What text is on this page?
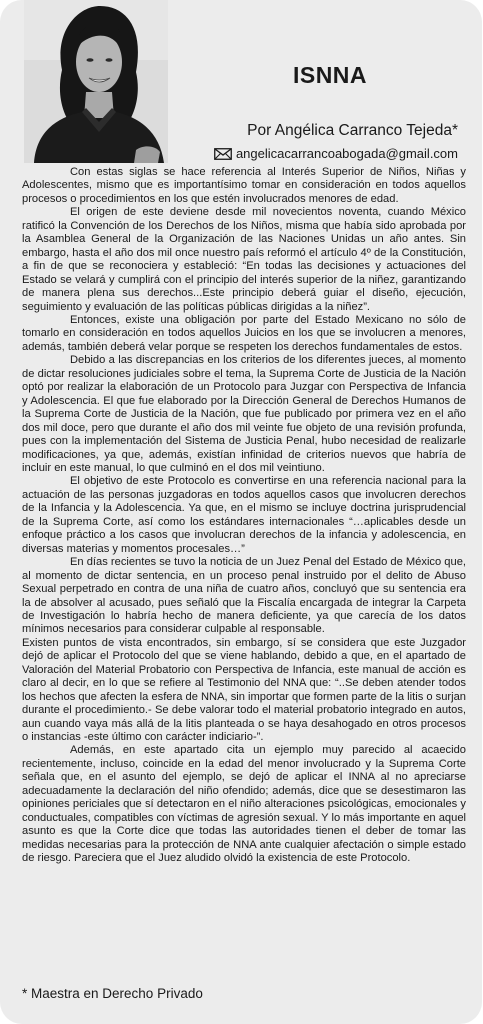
ISNNA
Por Angélica Carranco Tejeda*
angelicacarrancoabogada@gmail.com

Con estas siglas se hace referencia al Interés Superior de Niños, Niñas y Adolescentes, mismo que es importantísimo tomar en consideración en todos aquellos procesos o procedimientos en los que estén involucrados menores de edad.

El origen de este deviene desde mil novecientos noventa, cuando México ratificó la Convención de los Derechos de los Niños, misma que había sido aprobada por la Asamblea General de la Organización de las Naciones Unidas un año antes. Sin embargo, hasta el año dos mil once nuestro país reformó el artículo 4º de la Constitución, a fin de que se reconociera y estableció: “En todas las decisiones y actuaciones del Estado se velará y cumplirá con el principio del interés superior de la niñez, garantizando de manera plena sus derechos...Este principio deberá guiar el diseño, ejecución, seguimiento y evaluación de las políticas públicas dirigidas a la niñez”.

Entonces, existe una obligación por parte del Estado Mexicano no sólo de tomarlo en consideración en todos aquellos Juicios en los que se involucren a menores, además, también deberá velar porque se respeten los derechos fundamentales de estos.

Debido a las discrepancias en los criterios de los diferentes jueces, al momento de dictar resoluciones judiciales sobre el tema, la Suprema Corte de Justicia de la Nación optó por realizar la elaboración de un Protocolo para Juzgar con Perspectiva de Infancia y Adolescencia. El que fue elaborado por la Dirección General de Derechos Humanos de la Suprema Corte de Justicia de la Nación, que fue publicado por primera vez en el año dos mil doce, pero que durante el año dos mil veinte fue objeto de una revisión profunda, pues con la implementación del Sistema de Justicia Penal, hubo necesidad de realizarle modificaciones, ya que, además, existían infinidad de criterios nuevos que habría de incluir en este manual, lo que culminó en el dos mil veintiuno.

El objetivo de este Protocolo es convertirse en una referencia nacional para la actuación de las personas juzgadoras en todos aquellos casos que involucren derechos de la Infancia y la Adolescencia. Ya que, en el mismo se incluye doctrina jurisprudencial de la Suprema Corte, así como los estándares internacionales “…aplicables desde un enfoque práctico a los casos que involucran derechos de la infancia y adolescencia, en diversas materias y momentos procesales…”

En días recientes se tuvo la noticia de un Juez Penal del Estado de México que, al momento de dictar sentencia, en un proceso penal instruido por el delito de Abuso Sexual perpetrado en contra de una niña de cuatro años, concluyó que su sentencia era la de absolver al acusado, pues señaló que la Fiscalía encargada de integrar la Carpeta de Investigación lo habría hecho de manera deficiente, ya que carecía de los datos mínimos necesarios para considerar culpable al responsable.

Existen puntos de vista encontrados, sin embargo, sí se considera que este Juzgador dejó de aplicar el Protocolo del que se viene hablando, debido a que, en el apartado de Valoración del Material Probatorio con Perspectiva de Infancia, este manual de acción es claro al decir, en lo que se refiere al Testimonio del NNA que: “..Se deben atender todos los hechos que afecten la esfera de NNA, sin importar que formen parte de la litis o surjan durante el procedimiento.- Se debe valorar todo el material probatorio integrado en autos, aun cuando vaya más allá de la litis planteada o se haya desahogado en otros procesos o instancias -este último con carácter indiciario-”.

Además, en este apartado cita un ejemplo muy parecido al acaecido recientemente, incluso, coincide en la edad del menor involucrado y la Suprema Corte señala que, en el asunto del ejemplo, se dejó de aplicar el INNA al no apreciarse adecuadamente la declaración del niño ofendido; además, dice que se desestimaron las opiniones periciales que sí detectaron en el niño alteraciones psicológicas, emocionales y conductuales, compatibles con víctimas de agresión sexual. Y lo más importante en aquel asunto es que la Corte dice que todas las autoridades tienen el deber de tomar las medidas necesarias para la protección de NNA ante cualquier afectación o simple estado de riesgo. Pareciera que el Juez aludido olvidó la existencia de este Protocolo.

* Maestra en Derecho Privado
